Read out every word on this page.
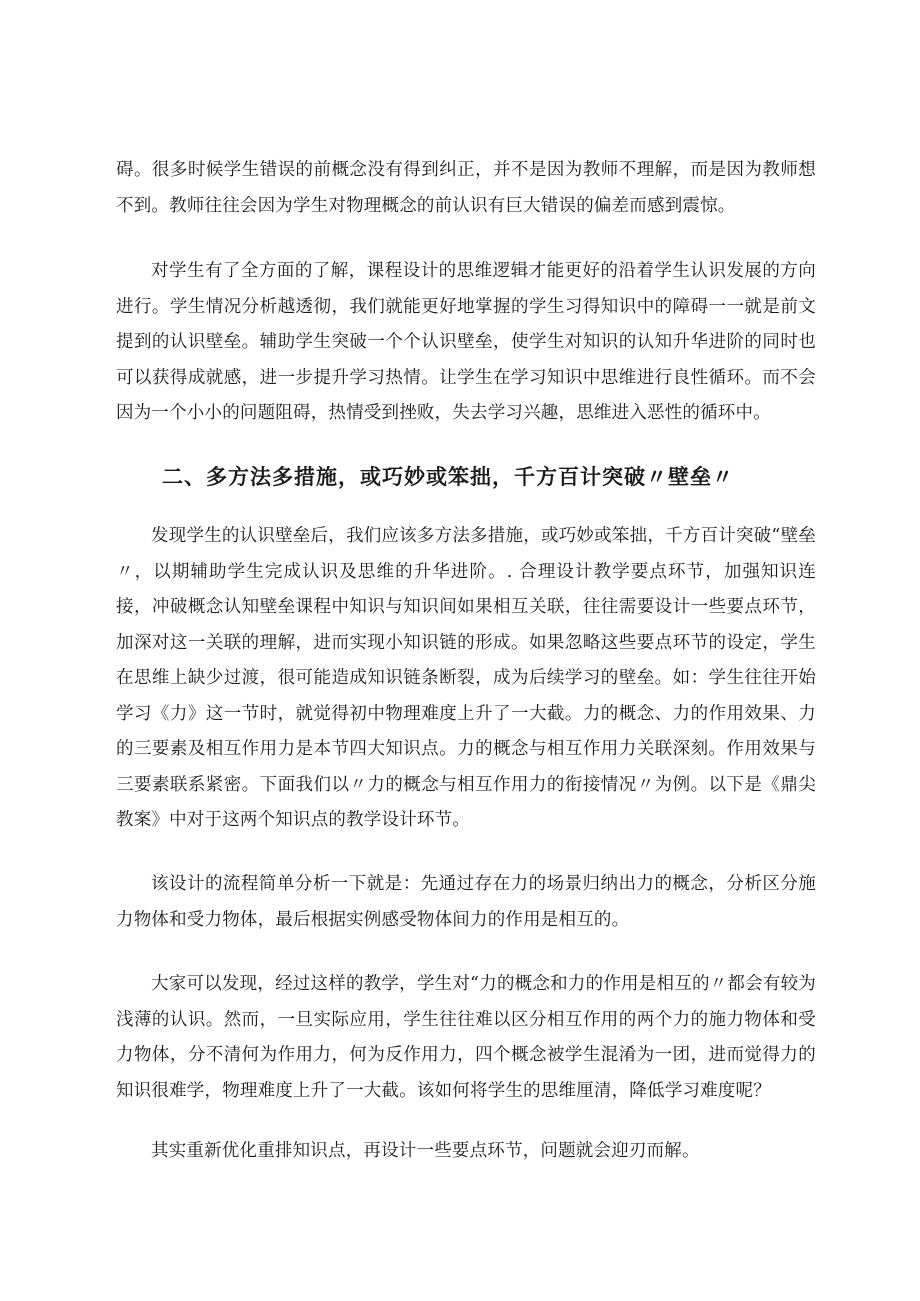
碍。很多时候学生错误的前概念没有得到纠正，并不是因为教师不理解，而是因为教师想不到。教师往往会因为学生对物理概念的前认识有巨大错误的偏差而感到震惊。

对学生有了全方面的了解，课程设计的思维逻辑才能更好的沿着学生认识发展的方向进行。学生情况分析越透彻，我们就能更好地掌握的学生习得知识中的障碍一一就是前文提到的认识壁垒。辅助学生突破一个个认识壁垒，使学生对知识的认知升华进阶的同时也可以获得成就感，进一步提升学习热情。让学生在学习知识中思维进行良性循环。而不会因为一个小小的问题阻碍，热情受到挫败，失去学习兴趣，思维进入恶性的循环中。

二、多方法多措施，或巧妙或笨拙，千方百计突破〃壁垒〃

发现学生的认识壁垒后，我们应该多方法多措施，或巧妙或笨拙，千方百计突破“壁垒〃，以期辅助学生完成认识及思维的升华进阶。. 合理设计教学要点环节，加强知识连接，冲破概念认知壁垒课程中知识与知识间如果相互关联，往往需要设计一些要点环节，加深对这一关联的理解，进而实现小知识链的形成。如果忽略这些要点环节的设定，学生在思维上缺少过渡，很可能造成知识链条断裂，成为后续学习的壁垒。如：学生往往开始学习《力》这一节时，就觉得初中物理难度上升了一大截。力的概念、力的作用效果、力的三要素及相互作用力是本节四大知识点。力的概念与相互作用力关联深刻。作用效果与三要素联系紧密。下面我们以〃力的概念与相互作用力的衔接情况〃为例。以下是《鼎尖教案》中对于这两个知识点的教学设计环节。

该设计的流程简单分析一下就是：先通过存在力的场景归纳出力的概念，分析区分施力物体和受力物体，最后根据实例感受物体间力的作用是相互的。

大家可以发现，经过这样的教学，学生对“力的概念和力的作用是相互的〃都会有较为浅薄的认识。然而，一旦实际应用，学生往往难以区分相互作用的两个力的施力物体和受力物体，分不清何为作用力，何为反作用力，四个概念被学生混淆为一团，进而觉得力的知识很难学，物理难度上升了一大截。该如何将学生的思维厘清，降低学习难度呢？

其实重新优化重排知识点，再设计一些要点环节，问题就会迎刃而解。
